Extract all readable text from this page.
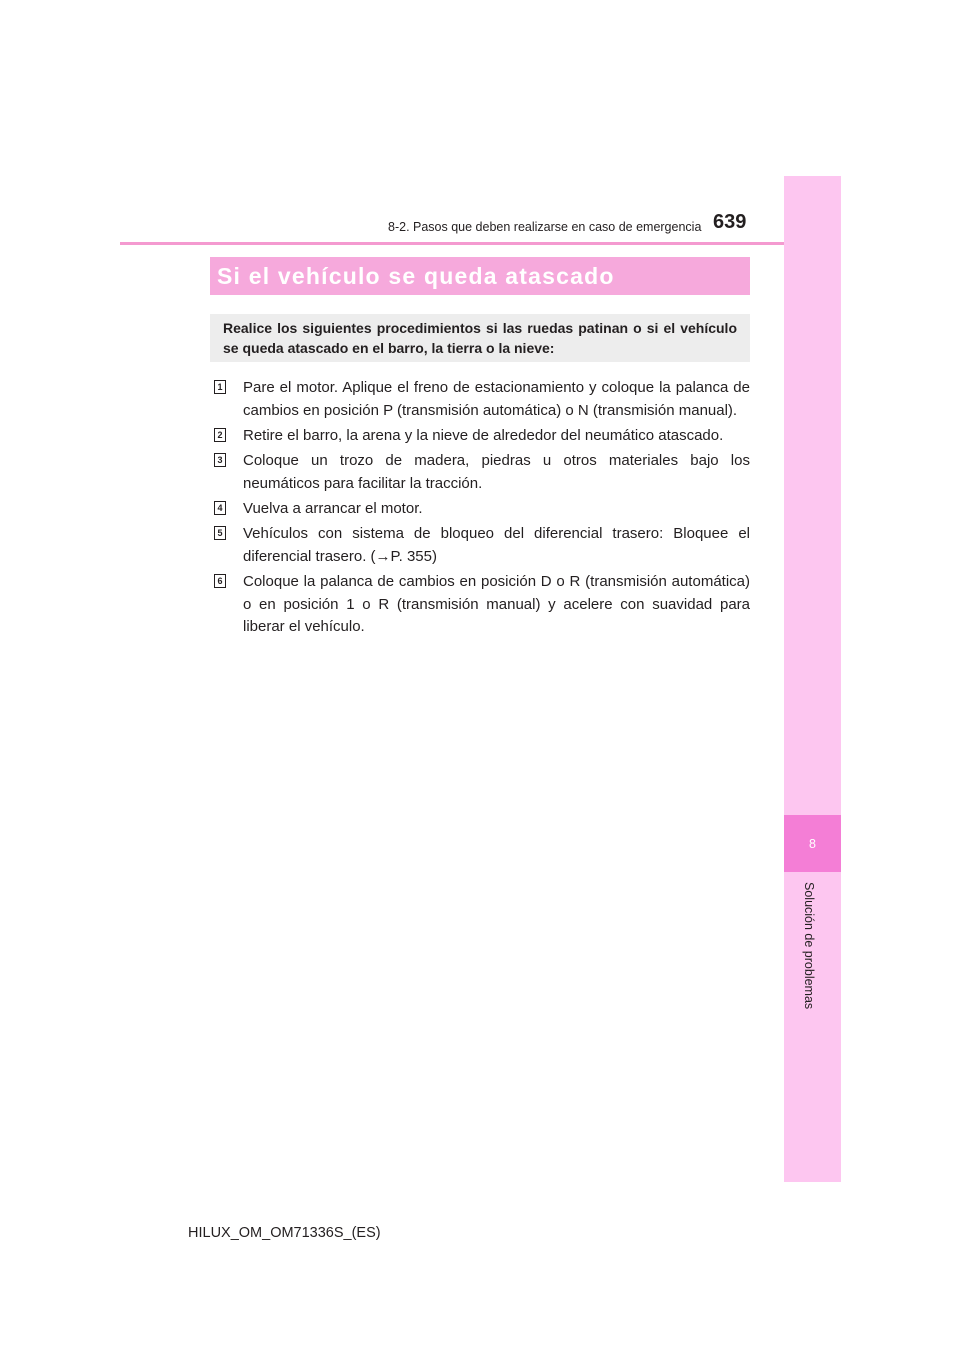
8-2. Pasos que deben realizarse en caso de emergencia 639
8
Solución de problemas
Si el vehículo se queda atascado
Realice los siguientes procedimientos si las ruedas patinan o si el vehículo se queda atascado en el barro, la tierra o la nieve:
1 Pare el motor. Aplique el freno de estacionamiento y coloque la palanca de cambios en posición P (transmisión automática) o N (transmisión manual).
2 Retire el barro, la arena y la nieve de alrededor del neumático atascado.
3 Coloque un trozo de madera, piedras u otros materiales bajo los neumáticos para facilitar la tracción.
4 Vuelva a arrancar el motor.
5 Vehículos con sistema de bloqueo del diferencial trasero: Bloquee el diferencial trasero. (→P. 355)
6 Coloque la palanca de cambios en posición D o R (transmisión automática) o en posición 1 o R (transmisión manual) y acelere con suavidad para liberar el vehículo.
HILUX_OM_OM71336S_(ES)
